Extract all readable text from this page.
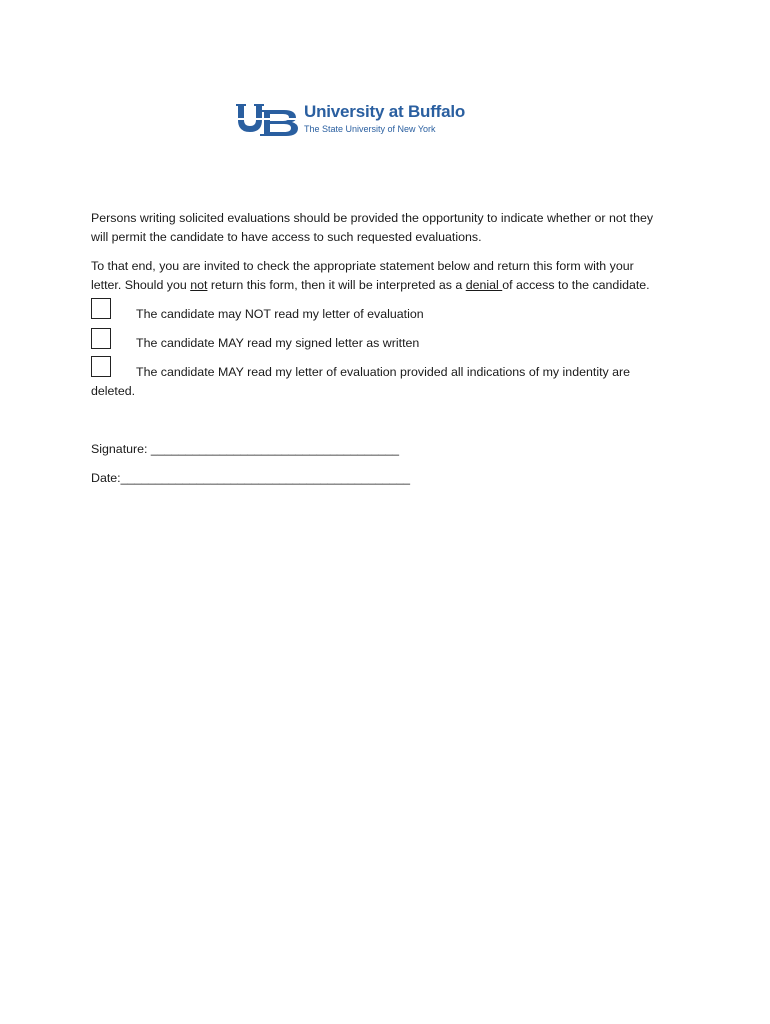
University at Buffalo
The State University of New York
Persons writing solicited evaluations should be provided the opportunity to indicate whether or not they
will permit the candidate to have access to such requested evaluations.
To that end, you are invited to check the appropriate statement below and return this form with your
letter. Should you not return this form, then it will be interpreted as a denial of access to the candidate.
The candidate may NOT read my letter of evaluation
The candidate MAY read my signed letter as written
The candidate MAY read my letter of evaluation provided all indications of my indentity are
deleted.
Signature: ____________________________________
Date:__________________________________________
